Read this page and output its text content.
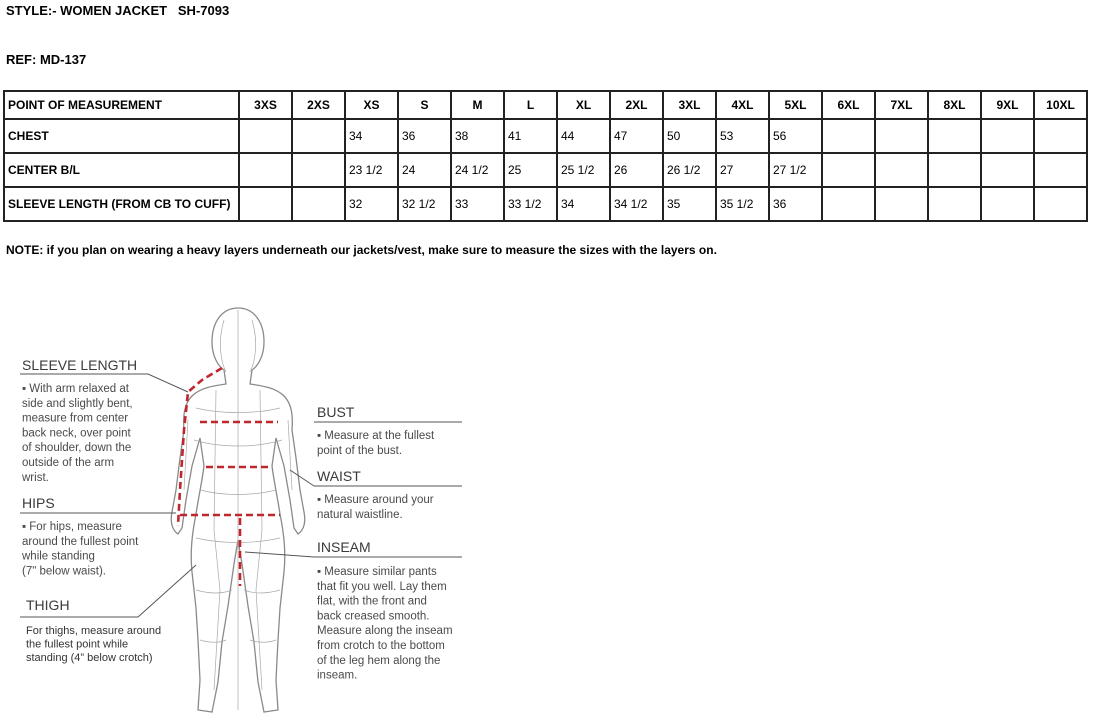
STYLE:- WOMEN JACKET   SH-7093
REF: MD-137
POINT OF MEASUREMENT	3XS	2XS	XS	S	M	L	XL	2XL	3XL	4XL	5XL	6XL	7XL	8XL	9XL	10XL
CHEST			34	36	38	41	44	47	50	53	56					
CENTER B/L			23 1/2	24	24 1/2	25	25 1/2	26	26 1/2	27	27 1/2					
SLEEVE LENGTH (FROM CB TO CUFF)			32	32 1/2	33	33 1/2	34	34 1/2	35	35 1/2	36					
NOTE: if you plan on wearing a heavy layers underneath our jackets/vest, make sure to measure the sizes with the layers on.
SLEEVE LENGTH
▪ With arm relaxed at
side and slightly bent,
measure from center
back neck, over point
of shoulder, down the
outside of the arm
wrist.
HIPS
▪ For hips, measure
around the fullest point
while standing
(7" below waist).
THIGH
For thighs, measure around
the fullest point while
standing (4” below crotch)
BUST
▪ Measure at the fullest
point of the bust.
WAIST
▪ Measure around your
natural waistline.
INSEAM
▪ Measure similar pants
that fit you well. Lay them
flat, with the front and
back creased smooth.
Measure along the inseam
from crotch to the bottom
of the leg hem along the
inseam.
